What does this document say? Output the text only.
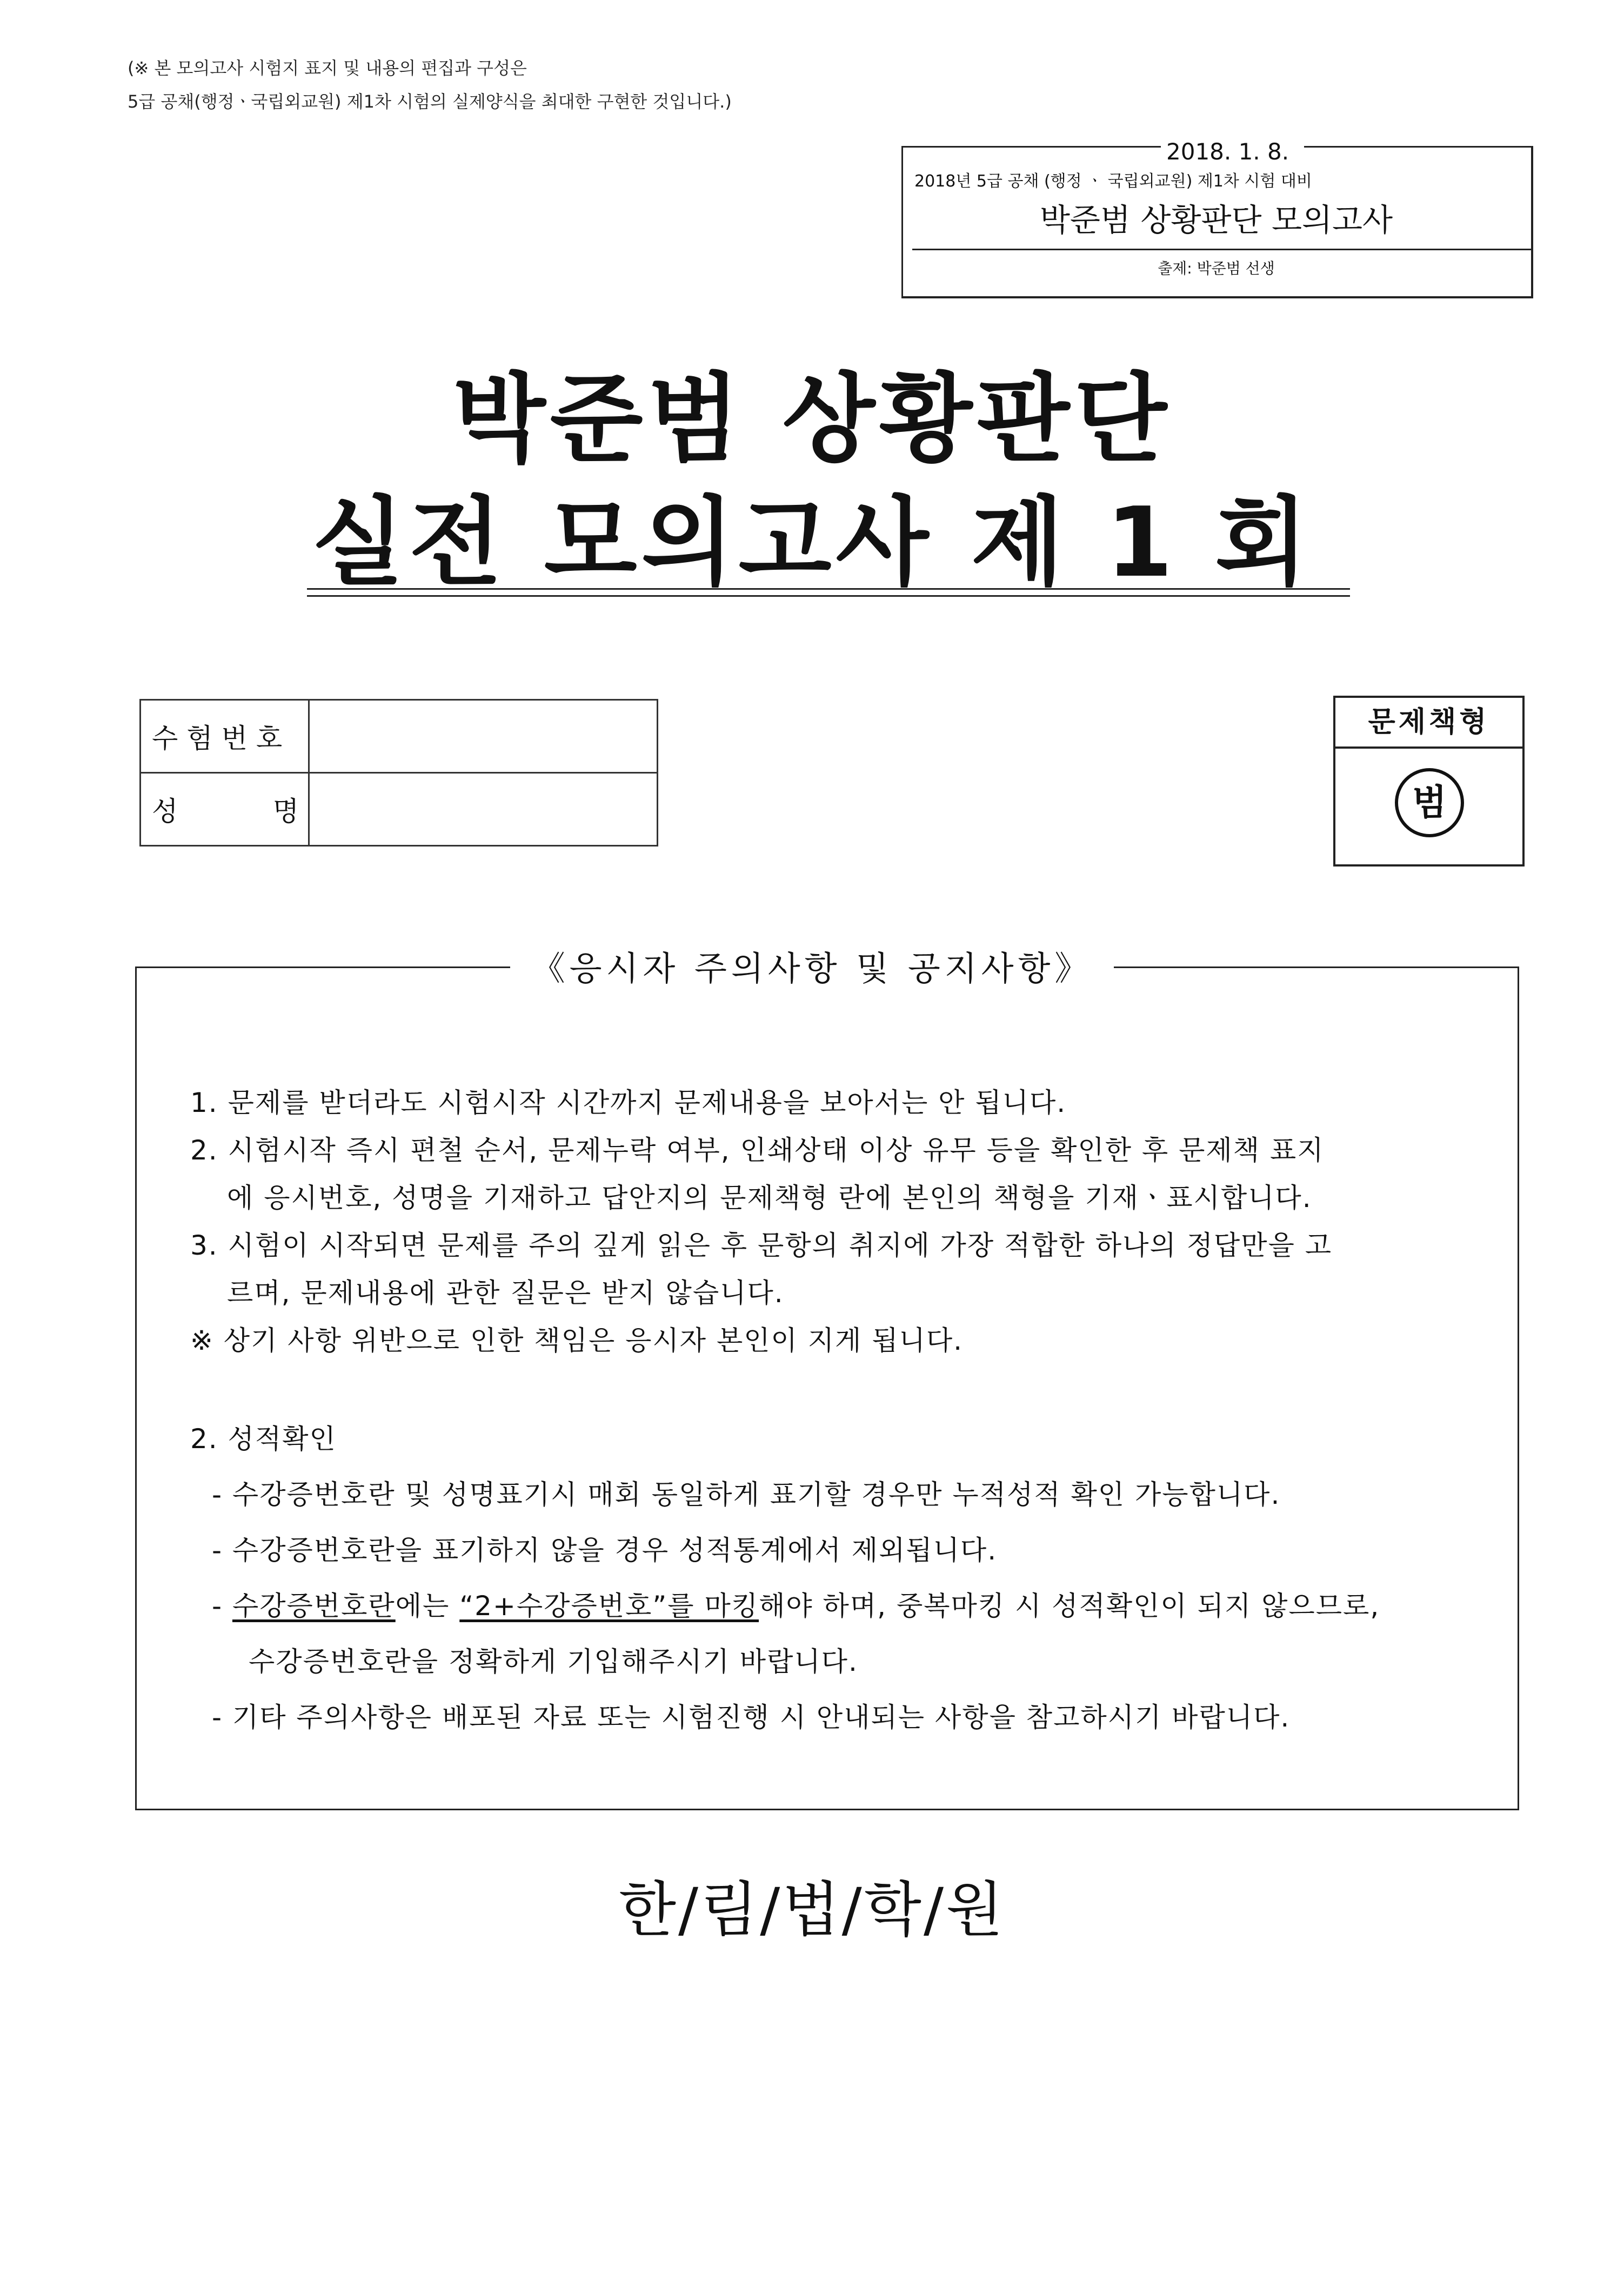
(※ 본 모의고사 시험지 표지 및 내용의 편집과 구성은
5급 공채(행정ㆍ국립외교원) 제1차 시험의 실제양식을 최대한 구현한 것입니다.)
2018. 1. 8.
2018년 5급 공채 (행정 ㆍ 국립외교원) 제1차 시험 대비
박준범 상황판단 모의고사
출제: 박준범 선생
박준범 상황판단
실전 모의고사 제 1 회
수험번호	
성     명	
문제책형
범
《응시자 주의사항 및 공지사항》
1. 문제를 받더라도 시험시작 시간까지 문제내용을 보아서는 안 됩니다.
2. 시험시작 즉시 편철 순서, 문제누락 여부, 인쇄상태 이상 유무 등을 확인한 후 문제책 표지
에 응시번호, 성명을 기재하고 답안지의 문제책형 란에 본인의 책형을 기재ㆍ표시합니다.
3. 시험이 시작되면 문제를 주의 깊게 읽은 후 문항의 취지에 가장 적합한 하나의 정답만을 고
르며, 문제내용에 관한 질문은 받지 않습니다.
※ 상기 사항 위반으로 인한 책임은 응시자 본인이 지게 됩니다.
2. 성적확인
- 수강증번호란 및 성명표기시 매회 동일하게 표기할 경우만 누적성적 확인 가능합니다.
- 수강증번호란을 표기하지 않을 경우 성적통계에서 제외됩니다.
- 수강증번호란에는 “2+수강증번호”를 마킹해야 하며, 중복마킹 시 성적확인이 되지 않으므로,
수강증번호란을 정확하게 기입해주시기 바랍니다.
- 기타 주의사항은 배포된 자료 또는 시험진행 시 안내되는 사항을 참고하시기 바랍니다.
한/림/법/학/원
